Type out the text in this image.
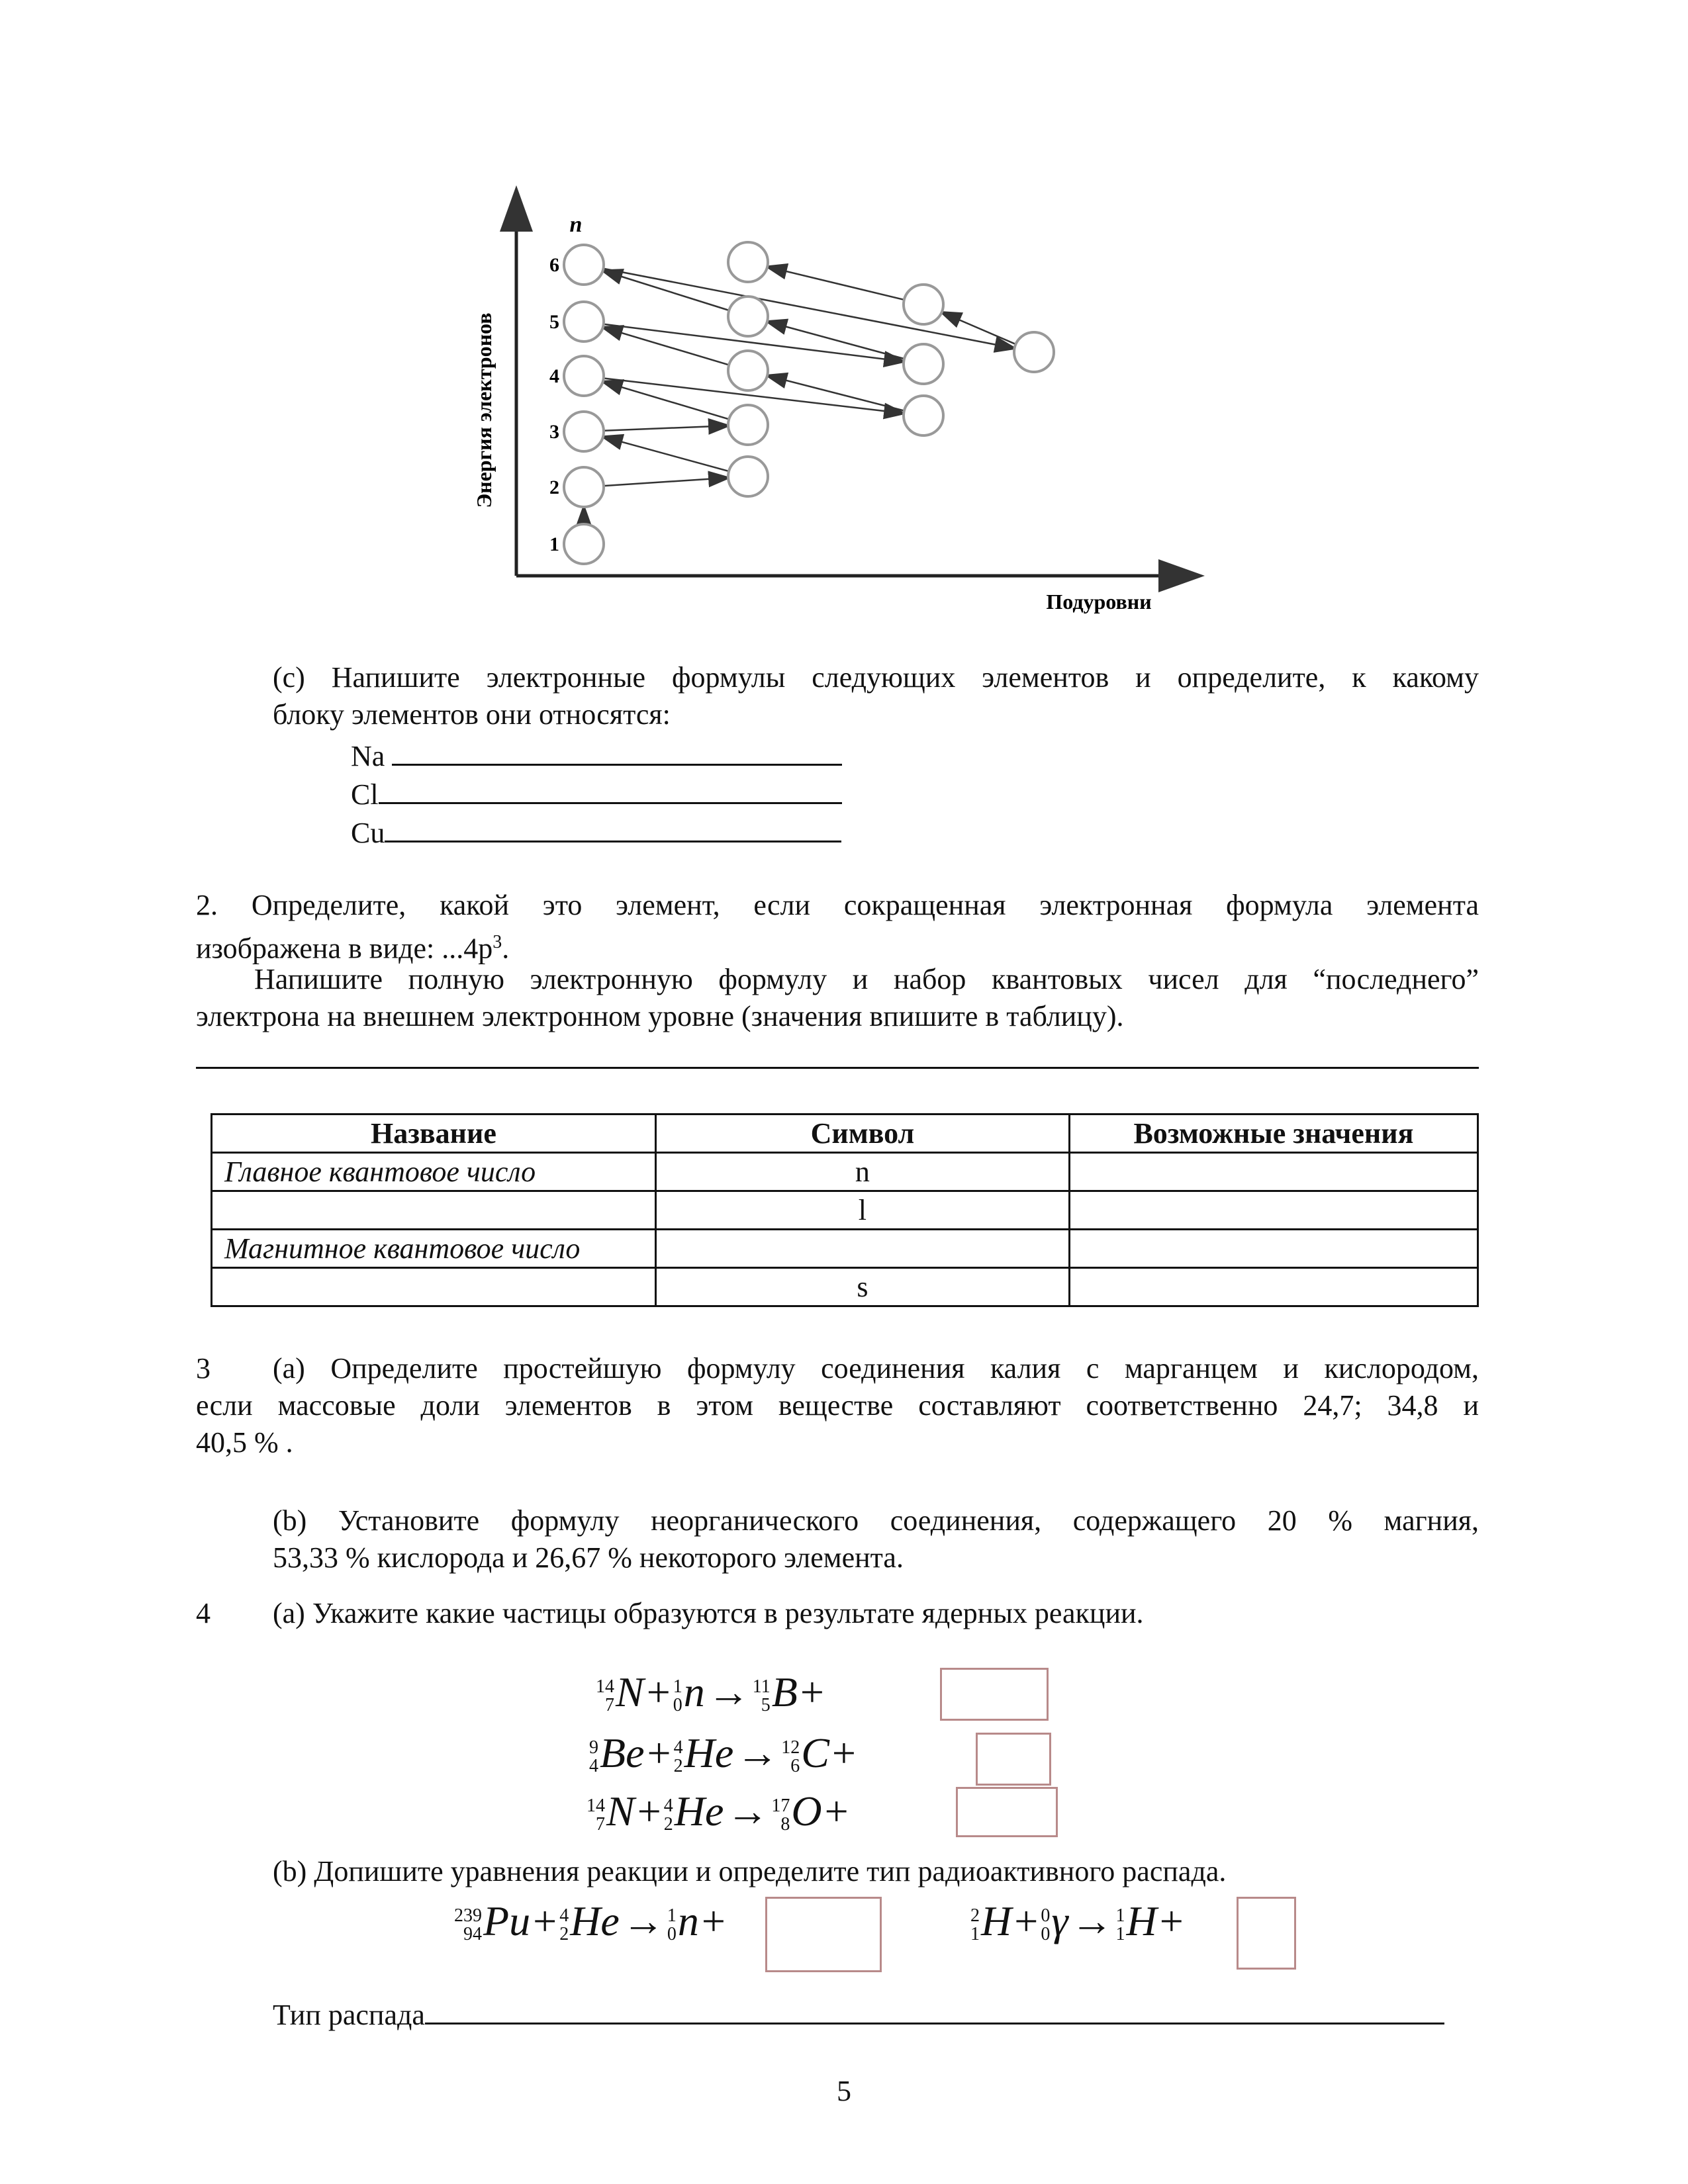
Энергия электронов
Подуровни
n
6
5
4
3
2
1
(с) Напишите электронные формулы следующих элементов и определите, к какому
блоку элементов они относятся:
Na
Cl
Cu
2. Определите, какой это элемент, если сокращенная электронная формула элемента
изображена в виде: $...4p^3$.
Напишите полную электронную формулу и набор квантовых чисел для “последнего”
электрона на внешнем электронном уровне (значения впишите в таблицу).
Название	Символ	Возможные значения
Главное квантовое число	n	
	l	
Магнитное квантовое число		
	s	
3 (а) Определите простейшую формулу соединения калия с марганцем и кислородом,
если массовые доли элементов в этом веществе составляют соответственно 24,7; 34,8 и
40,5 % .
(b) Установите формулу неорганического соединения, содержащего 20 % магния,
53,33 % кислорода и 26,67 % некоторого элемента.
4 (а) Укажите какие частицы образуются в результате ядерных реакции.
14
7 N+ 1
0 n→ 11
5 B+
9
4 Be+ 4
2 He→ 12
6 C+
14
7 N+ 4
2 He→ 17
8 O+
(b) Допишите уравнения реакции и определите тип радиоактивного распада.
239
94 Pu+ 4
2 He→ 1
0 n+	2
1 H+ 0
0 γ→ 1
1 H+
Тип распада
5
